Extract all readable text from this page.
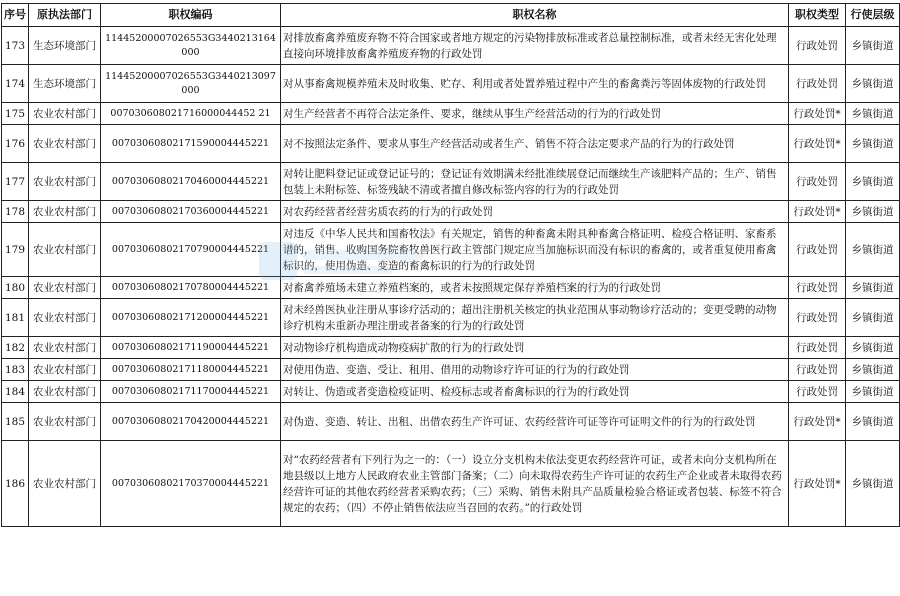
序号	原执法部门	职权编码	职权名称	职权类型	行使层级
173	生态环境部门	11445200007026553G3440213164000	对排放畜禽养殖废弃物不符合国家或者地方规定的污染物排放标准或者总量控制标准，或者未经无害化处理直接向环境排放畜禽养殖废弃物的行政处罚	行政处罚	乡镇街道
174	生态环境部门	11445200007026553G3440213097000	对从事畜禽规模养殖未及时收集、贮存、利用或者处置养殖过程中产生的畜禽粪污等固体废物的行政处罚	行政处罚	乡镇街道
175	农业农村部门	007030608021716000044452 21	对生产经营者不再符合法定条件、要求，继续从事生产经营活动的行为的行政处罚	行政处罚*	乡镇街道
176	农业农村部门	00703060802171590004445221	对不按照法定条件、要求从事生产经营活动或者生产、销售不符合法定要求产品的行为的行政处罚	行政处罚*	乡镇街道
177	农业农村部门	00703060802170460004445221	对转让肥料登记证或登记证号的；登记证有效期满未经批准续展登记而继续生产该肥料产品的；生产、销售包装上未附标签、标签残缺不清或者擅自修改标签内容的行为的行政处罚	行政处罚	乡镇街道
178	农业农村部门	00703060802170360004445221	对农药经营者经营劣质农药的行为的行政处罚	行政处罚*	乡镇街道
179	农业农村部门	00703060802170790004445221	对违反《中华人民共和国畜牧法》有关规定，销售的种畜禽未附具种畜禽合格证明、检疫合格证明、家畜系谱的，销售、收购国务院畜牧兽医行政主管部门规定应当加施标识而没有标识的畜禽的，或者重复使用畜禽标识的，使用伪造、变造的畜禽标识的行为的行政处罚	行政处罚	乡镇街道
180	农业农村部门	00703060802170780004445221	对畜禽养殖场未建立养殖档案的，或者未按照规定保存养殖档案的行为的行政处罚	行政处罚	乡镇街道
181	农业农村部门	00703060802171200004445221	对未经兽医执业注册从事诊疗活动的；超出注册机关核定的执业范围从事动物诊疗活动的；变更受聘的动物诊疗机构未重新办理注册或者备案的行为的行政处罚	行政处罚	乡镇街道
182	农业农村部门	00703060802171190004445221	对动物诊疗机构造成动物疫病扩散的行为的行政处罚	行政处罚	乡镇街道
183	农业农村部门	00703060802171180004445221	对使用伪造、变造、受让、租用、借用的动物诊疗许可证的行为的行政处罚	行政处罚	乡镇街道
184	农业农村部门	00703060802171170004445221	对转让、伪造或者变造检疫证明、检疫标志或者畜禽标识的行为的行政处罚	行政处罚	乡镇街道
185	农业农村部门	00703060802170420004445221	对伪造、变造、转让、出租、出借农药生产许可证、农药经营许可证等许可证明文件的行为的行政处罚	行政处罚*	乡镇街道
186	农业农村部门	00703060802170370004445221	对“农药经营者有下列行为之一的：（一）设立分支机构未依法变更农药经营许可证，或者未向分支机构所在地县级以上地方人民政府农业主管部门备案；（二）向未取得农药生产许可证的农药生产企业或者未取得农药经营许可证的其他农药经营者采购农药；（三）采购、销售未附具产品质量检验合格证或者包装、标签不符合规定的农药；（四）不停止销售依法应当召回的农药。”的行政处罚	行政处罚*	乡镇街道
